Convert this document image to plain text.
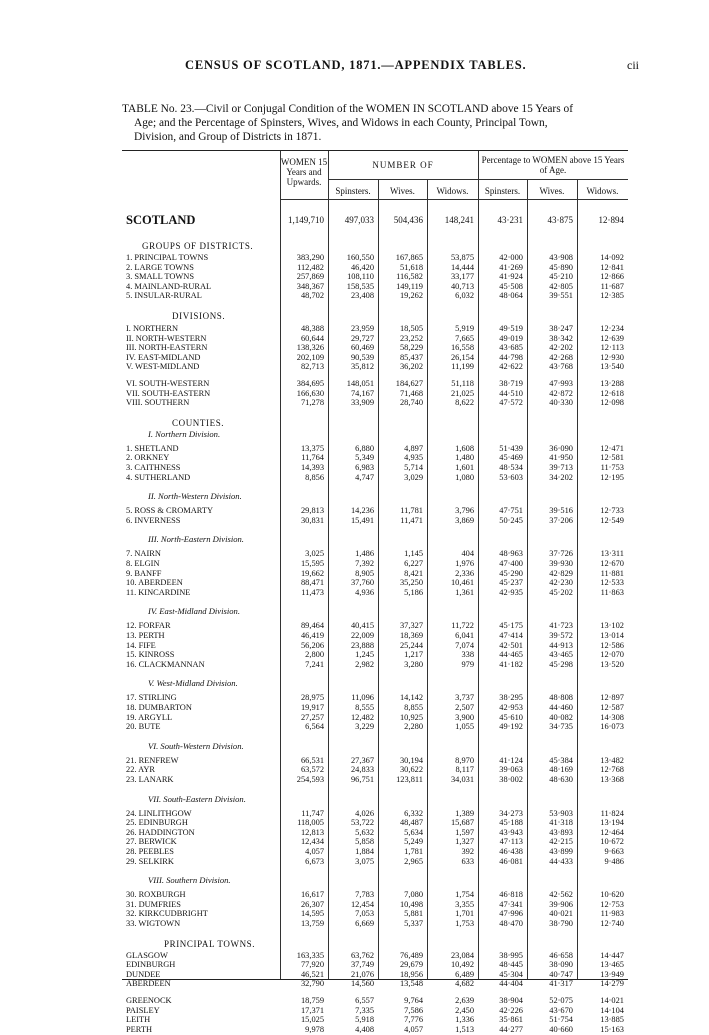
CENSUS OF SCOTLAND, 1871.—APPENDIX TABLES.	cii

TABLE No. 23.—Civil or Conjugal Condition of the WOMEN IN SCOTLAND above 15 Years of

Age; and the Percentage of Spinsters, Wives, and Widows in each County, Principal Town,

Division, and Group of Districts in 1871.

WOMEN 15 Years and Upwards.
NUMBER OF	Percentage to WOMEN above 15 Years of Age.
Spinsters.	Wives.	Widows.	Spinsters.	Wives.	Widows.
SCOTLAND	1,149,710	497,033	504,436	148,241	43·231	43·875	12·894
GROUPS OF DISTRICTS.
1. PRINCIPAL TOWNS	383,290	160,550	167,865	53,875	42·000	43·908	14·092
2. LARGE TOWNS	112,482	46,420	51,618	14,444	41·269	45·890	12·841
3. SMALL TOWNS	257,869	108,110	116,582	33,177	41·924	45·210	12·866
4. MAINLAND-RURAL	348,367	158,535	149,119	40,713	45·508	42·805	11·687
5. INSULAR-RURAL	48,702	23,408	19,262	6,032	48·064	39·551	12·385
DIVISIONS.
I. NORTHERN	48,388	23,959	18,505	5,919	49·519	38·247	12·234
II. NORTH-WESTERN	60,644	29,727	23,252	7,665	49·019	38·342	12·639
III. NORTH-EASTERN	138,326	60,469	58,229	16,558	43·685	42·202	12·113
IV. EAST-MIDLAND	202,109	90,539	85,437	26,154	44·798	42·268	12·930
V. WEST-MIDLAND	82,713	35,812	36,202	11,199	42·622	43·768	13·540
VI. SOUTH-WESTERN	384,695	148,051	184,627	51,118	38·719	47·993	13·288
VII. SOUTH-EASTERN	166,630	74,167	71,468	21,025	44·510	42·872	12·618
VIII. SOUTHERN	71,278	33,909	28,740	8,622	47·572	40·330	12·098
COUNTIES.
I. Northern Division.
1. SHETLAND	13,375	6,880	4,897	1,608	51·439	36·090	12·471
2. ORKNEY	11,764	5,349	4,935	1,480	45·469	41·950	12·581
3. CAITHNESS	14,393	6,983	5,714	1,601	48·534	39·713	11·753
4. SUTHERLAND	8,856	4,747	3,029	1,080	53·603	34·202	12·195
II. North-Western Division.
5. ROSS & CROMARTY	29,813	14,236	11,781	3,796	47·751	39·516	12·733
6. INVERNESS	30,831	15,491	11,471	3,869	50·245	37·206	12·549
III. North-Eastern Division.
7. NAIRN	3,025	1,486	1,145	404	48·963	37·726	13·311
8. ELGIN	15,595	7,392	6,227	1,976	47·400	39·930	12·670
9. BANFF	19,662	8,905	8,421	2,336	45·290	42·829	11·881
10. ABERDEEN	88,471	37,760	35,250	10,461	45·237	42·230	12·533
11. KINCARDINE	11,473	4,936	5,186	1,361	42·935	45·202	11·863
IV. East-Midland Division.
12. FORFAR	89,464	40,415	37,327	11,722	45·175	41·723	13·102
13. PERTH	46,419	22,009	18,369	6,041	47·414	39·572	13·014
14. FIFE	56,206	23,888	25,244	7,074	42·501	44·913	12·586
15. KINROSS	2,800	1,245	1,217	338	44·465	43·465	12·070
16. CLACKMANNAN	7,241	2,982	3,280	979	41·182	45·298	13·520
V. West-Midland Division.
17. STIRLING	28,975	11,096	14,142	3,737	38·295	48·808	12·897
18. DUMBARTON	19,917	8,555	8,855	2,507	42·953	44·460	12·587
19. ARGYLL	27,257	12,482	10,925	3,900	45·610	40·082	14·308
20. BUTE	6,564	3,229	2,280	1,055	49·192	34·735	16·073
VI. South-Western Division.
21. RENFREW	66,531	27,367	30,194	8,970	41·124	45·384	13·482
22. AYR	63,572	24,833	30,622	8,117	39·063	48·169	12·768
23. LANARK	254,593	96,751	123,811	34,031	38·002	48·630	13·368
VII. South-Eastern Division.
24. LINLITHGOW	11,747	4,026	6,332	1,389	34·273	53·903	11·824
25. EDINBURGH	118,005	53,722	48,487	15,687	45·188	41·318	13·194
26. HADDINGTON	12,813	5,632	5,634	1,597	43·943	43·893	12·464
27. BERWICK	12,434	5,858	5,249	1,327	47·113	42·215	10·672
28. PEEBLES	4,057	1,884	1,781	392	46·438	43·899	9·663
29. SELKIRK	6,673	3,075	2,965	633	46·081	44·433	9·486
VIII. Southern Division.
30. ROXBURGH	16,617	7,783	7,080	1,754	46·818	42·562	10·620
31. DUMFRIES	26,307	12,454	10,498	3,355	47·341	39·906	12·753
32. KIRKCUDBRIGHT	14,595	7,053	5,881	1,701	47·996	40·021	11·983
33. WIGTOWN	13,759	6,669	5,337	1,753	48·470	38·790	12·740
PRINCIPAL TOWNS.
GLASGOW	163,335	63,762	76,489	23,084	38·995	46·658	14·447
EDINBURGH	77,920	37,749	29,679	10,492	48·445	38·090	13·465
DUNDEE	46,521	21,076	18,956	6,489	45·304	40·747	13·949
ABERDEEN	32,790	14,560	13,548	4,682	44·404	41·317	14·279
GREENOCK	18,759	6,557	9,764	2,639	38·904	52·075	14·021
PAISLEY	17,371	7,335	7,586	2,450	42·226	43·670	14·104
LEITH	15,025	5,918	7,776	1,336	35·861	51·754	13·885
PERTH	9,978	4,408	4,057	1,513	44·277	40·660	15·163
